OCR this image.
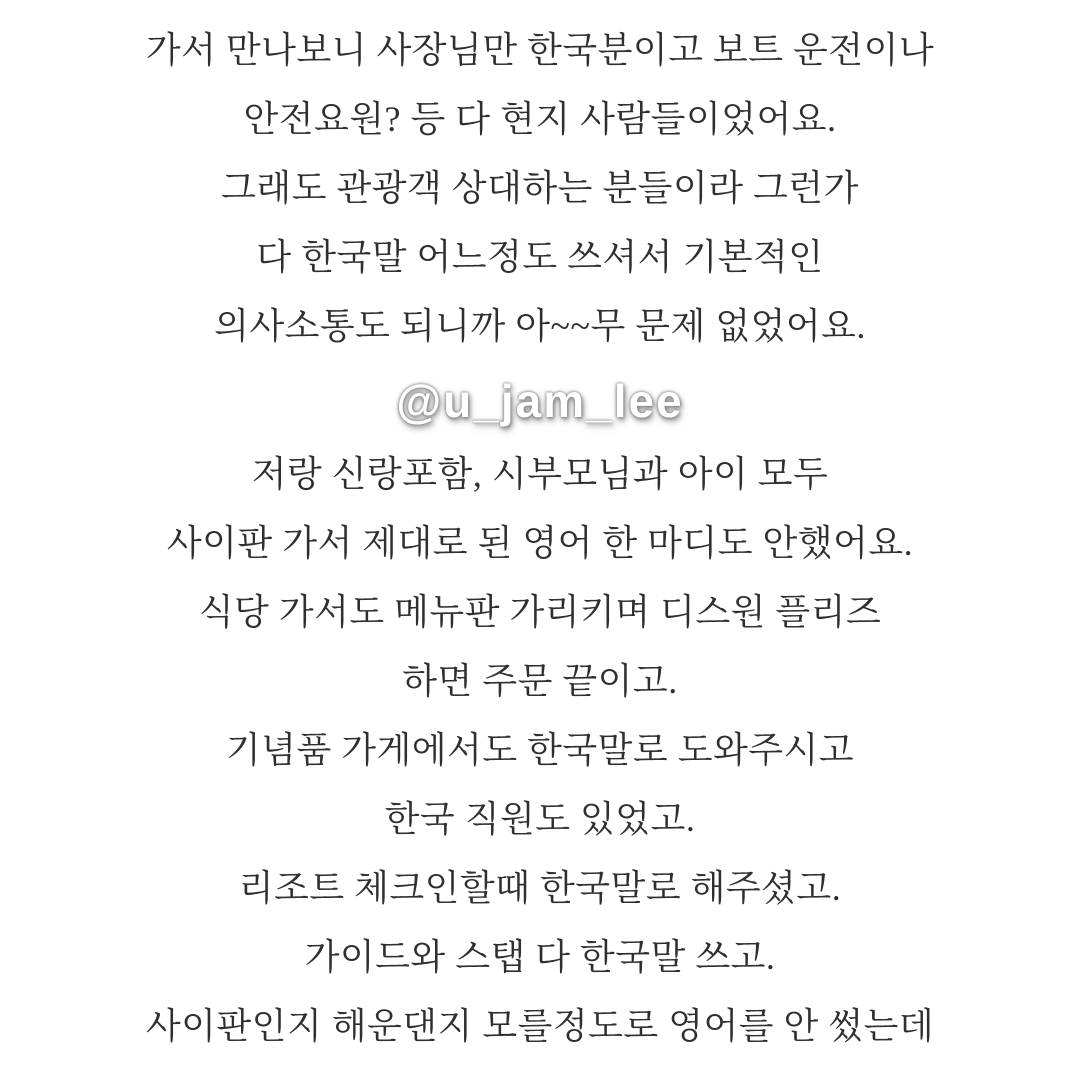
가서 만나보니 사장님만 한국분이고 보트 운전이나
안전요원? 등 다 현지 사람들이었어요.
그래도 관광객 상대하는 분들이라 그런가
다 한국말 어느정도 쓰셔서 기본적인
의사소통도 되니까 아~~무 문제 없었어요.
@u_jam_lee
저랑 신랑포함, 시부모님과 아이 모두
사이판 가서 제대로 된 영어 한 마디도 안했어요.
식당 가서도 메뉴판 가리키며 디스원 플리즈
하면 주문 끝이고.
기념품 가게에서도 한국말로 도와주시고
한국 직원도 있었고.
리조트 체크인할때 한국말로 해주셨고.
가이드와 스탭 다 한국말 쓰고.
사이판인지 해운댄지 모를정도로 영어를 안 썼는데
